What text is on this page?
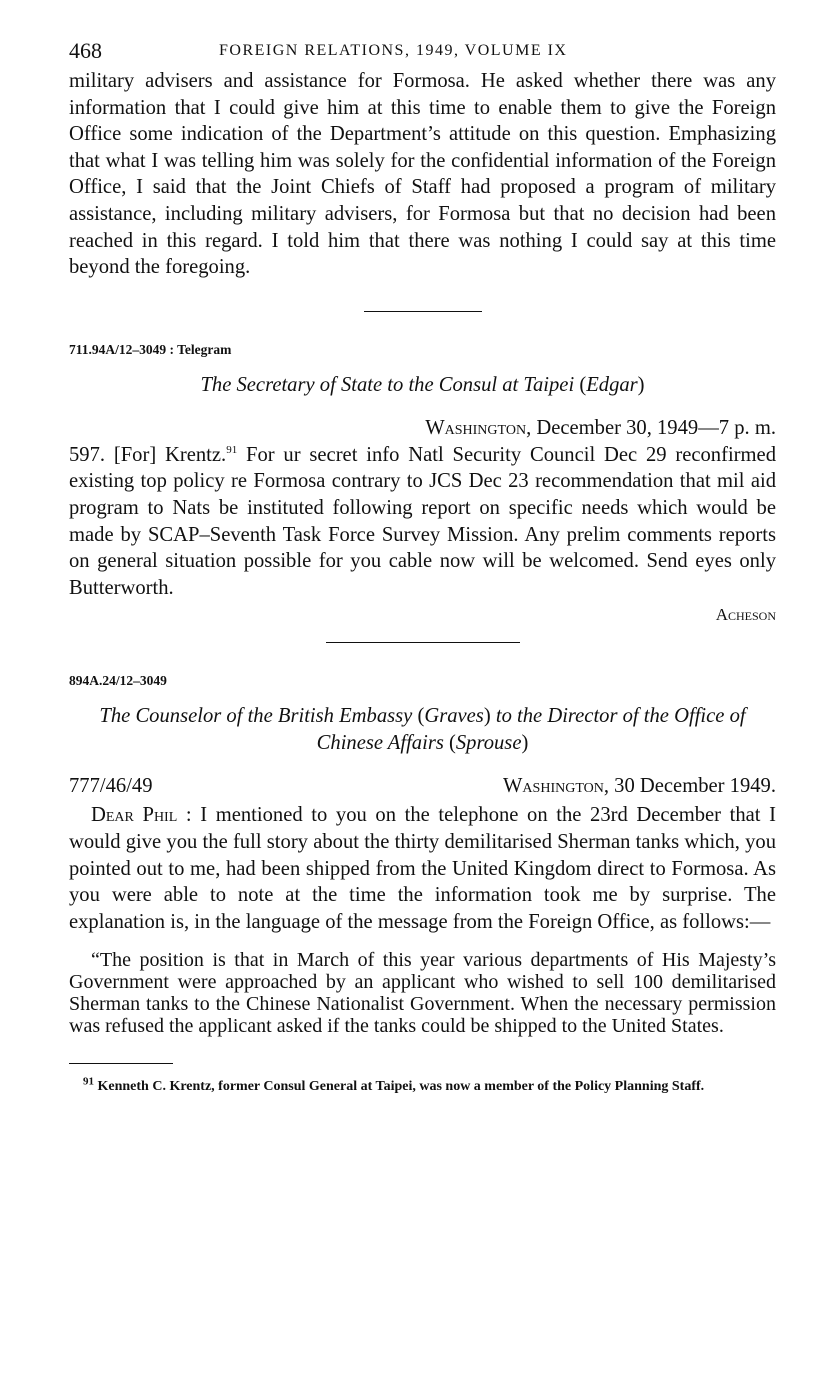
468	FOREIGN RELATIONS, 1949, VOLUME IX

military advisers and assistance for Formosa. He asked whether there was any information that I could give him at this time to enable them to give the Foreign Office some indication of the Department’s attitude on this question. Emphasizing that what I was telling him was solely for the confidential information of the Foreign Office, I said that the Joint Chiefs of Staff had proposed a program of military assistance, including military advisers, for Formosa but that no decision had been reached in this regard. I told him that there was nothing I could say at this time beyond the foregoing.

711.94A/12–3049 : Telegram

The Secretary of State to the Consul at Taipei (Edgar)

Washington, December 30, 1949—7 p. m.

597. [For] Krentz.$^{91}$ For ur secret info Natl Security Council Dec 29 reconfirmed existing top policy re Formosa contrary to JCS Dec 23 recommendation that mil aid program to Nats be instituted following report on specific needs which would be made by SCAP–Seventh Task Force Survey Mission. Any prelim comments reports on general situation possible for you cable now will be welcomed. Send eyes only Butterworth.

Acheson

894A.24/12–3049

The Counselor of the British Embassy (Graves) to the Director of the Office of Chinese Affairs (Sprouse)

777/46/49	Washington, 30 December 1949.

Dear Phil : I mentioned to you on the telephone on the 23rd December that I would give you the full story about the thirty demilitarised Sherman tanks which, you pointed out to me, had been shipped from the United Kingdom direct to Formosa. As you were able to note at the time the information took me by surprise. The explanation is, in the language of the message from the Foreign Office, as follows:—

“The position is that in March of this year various departments of His Majesty’s Government were approached by an applicant who wished to sell 100 demilitarised Sherman tanks to the Chinese Nationalist Government. When the necessary permission was refused the applicant asked if the tanks could be shipped to the United States.

$^{91}$ Kenneth C. Krentz, former Consul General at Taipei, was now a member of the Policy Planning Staff.
